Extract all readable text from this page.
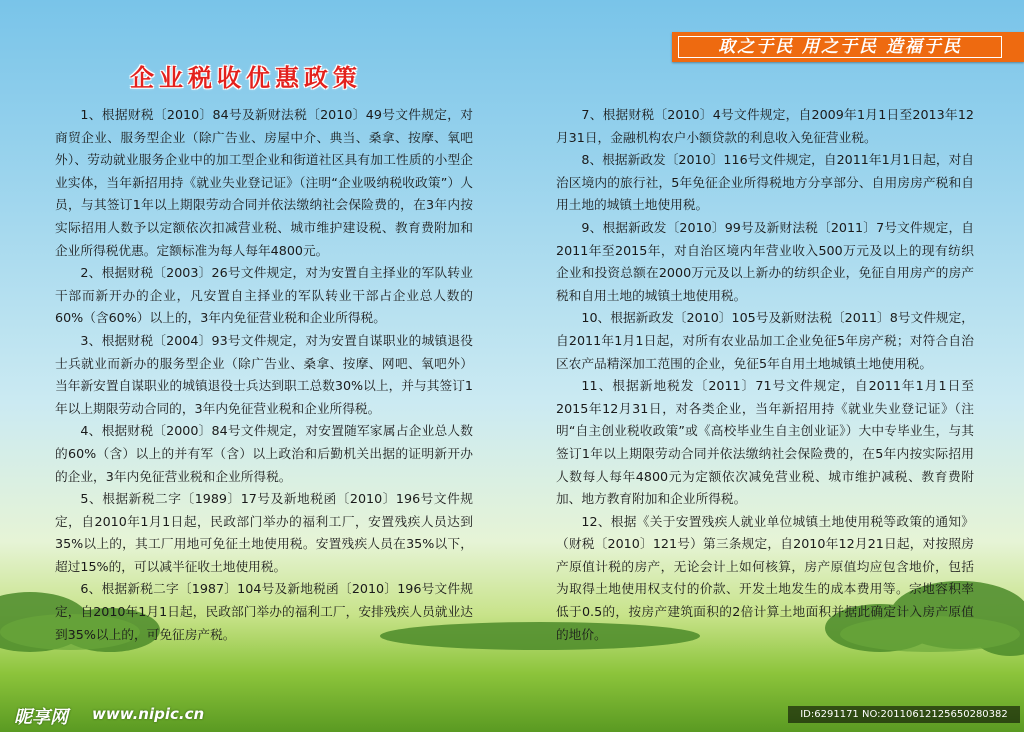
企业税收优惠政策
取之于民 用之于民 造福于民

1、根据财税〔2010〕84号及新财法税〔2010〕49号文件规定，对商贸企业、服务型企业（除广告业、房屋中介、典当、桑拿、按摩、氧吧外）、劳动就业服务企业中的加工型企业和街道社区具有加工性质的小型企业实体，当年新招用持《就业失业登记证》（注明“企业吸纳税收政策”）人员，与其签订1年以上期限劳动合同并依法缴纳社会保险费的，在3年内按实际招用人数予以定额依次扣减营业税、城市维护建设税、教育费附加和企业所得税优惠。定额标准为每人每年4800元。

2、根据财税〔2003〕26号文件规定，对为安置自主择业的军队转业干部而新开办的企业，凡安置自主择业的军队转业干部占企业总人数的60%（含60%）以上的，3年内免征营业税和企业所得税。

3、根据财税〔2004〕93号文件规定，对为安置自谋职业的城镇退役士兵就业而新办的服务型企业（除广告业、桑拿、按摩、网吧、氧吧外）当年新安置自谋职业的城镇退役士兵达到职工总数30%以上，并与其签订1年以上期限劳动合同的，3年内免征营业税和企业所得税。

4、根据财税〔2000〕84号文件规定，对安置随军家属占企业总人数的60%（含）以上的并有军（含）以上政治和后勤机关出据的证明新开办的企业，3年内免征营业税和企业所得税。

5、根据新税二字〔1989〕17号及新地税函〔2010〕196号文件规定，自2010年1月1日起，民政部门举办的福利工厂，安置残疾人员达到35%以上的，其工厂用地可免征土地使用税。安置残疾人员在35%以下，超过15%的，可以减半征收土地使用税。

6、根据新税二字〔1987〕104号及新地税函〔2010〕196号文件规定，自2010年1月1日起，民政部门举办的福利工厂，安排残疾人员就业达到35%以上的，可免征房产税。

7、根据财税〔2010〕4号文件规定，自2009年1月1日至2013年12月31日，金融机构农户小额贷款的利息收入免征营业税。

8、根据新政发〔2010〕116号文件规定，自2011年1月1日起，对自治区境内的旅行社，5年免征企业所得税地方分享部分、自用房房产税和自用土地的城镇土地使用税。

9、根据新政发〔2010〕99号及新财法税〔2011〕7号文件规定，自2011年至2015年，对自治区境内年营业收入500万元及以上的现有纺织企业和投资总额在2000万元及以上新办的纺织企业，免征自用房产的房产税和自用土地的城镇土地使用税。

10、根据新政发〔2010〕105号及新财法税〔2011〕8号文件规定，自2011年1月1日起，对所有农业品加工企业免征5年房产税；对符合自治区农产品精深加工范围的企业，免征5年自用土地城镇土地使用税。

11、根据新地税发〔2011〕71号文件规定，自2011年1月1日至2015年12月31日，对各类企业，当年新招用持《就业失业登记证》（注明“自主创业税收政策”或《高校毕业生自主创业证》）大中专毕业生，与其签订1年以上期限劳动合同并依法缴纳社会保险费的，在5年内按实际招用人数每人每年4800元为定额依次减免营业税、城市维护减税、教育费附加、地方教育附加和企业所得税。

12、根据《关于安置残疾人就业单位城镇土地使用税等政策的通知》（财税〔2010〕121号）第三条规定，自2010年12月21日起，对按照房产原值计税的房产，无论会计上如何核算，房产原值均应包含地价，包括为取得土地使用权支付的价款、开发土地发生的成本费用等。宗地容积率低于0.5的，按房产建筑面积的2倍计算土地面积并据此确定计入房产原值的地价。

昵享网 www.nipic.cn	ID:6291171 NO:20110612125650280382
